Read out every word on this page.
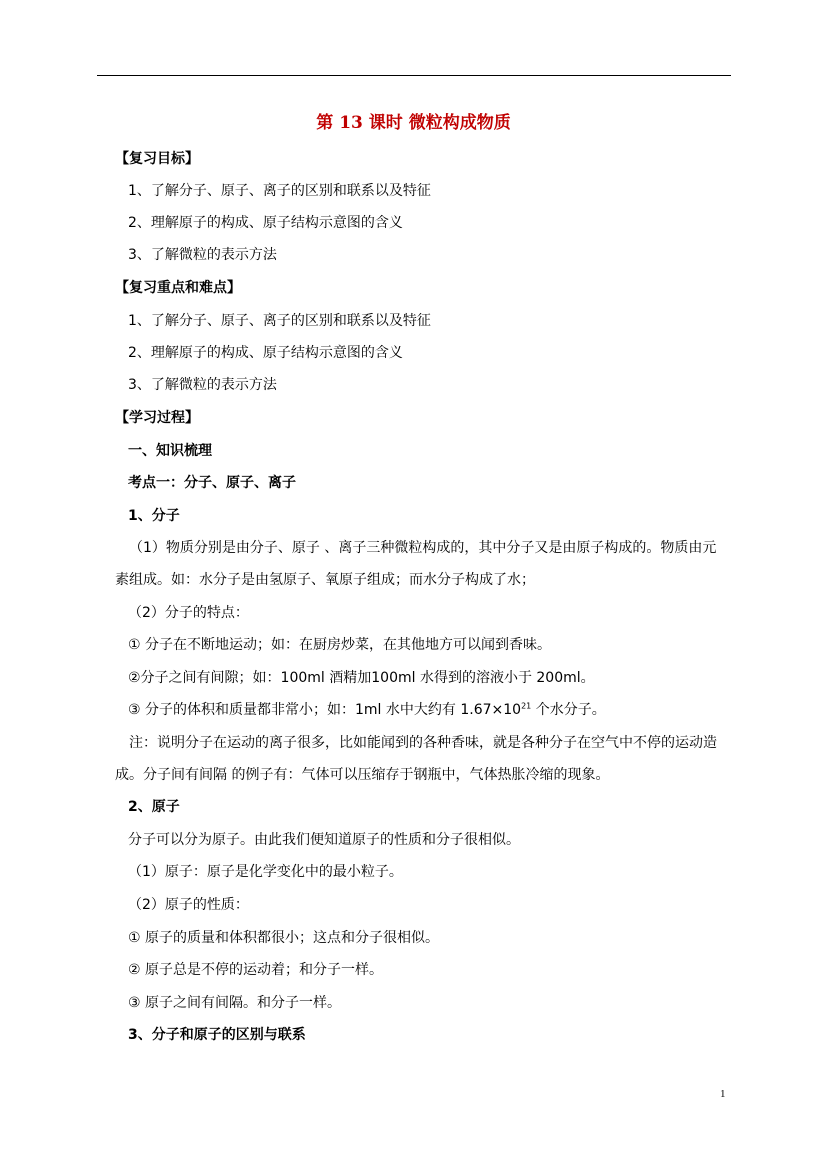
第 13 课时 微粒构成物质
【复习目标】
1、了解分子、原子、离子的区别和联系以及特征
2、理解原子的构成、原子结构示意图的含义
3、了解微粒的表示方法
【复习重点和难点】
1、了解分子、原子、离子的区别和联系以及特征
2、理解原子的构成、原子结构示意图的含义
3、了解微粒的表示方法
【学习过程】
一、知识梳理
考点一：分子、原子、离子
1、分子
（1）物质分别是由分子、原子 、离子三种微粒构成的，其中分子又是由原子构成的。物质由元素组成。如：水分子是由氢原子、氧原子组成；而水分子构成了水；
（2）分子的特点：
① 分子在不断地运动；如：在厨房炒菜，在其他地方可以闻到香味。
②分子之间有间隙；如：100ml 酒精加100ml 水得到的溶液小于 200ml。
③ 分子的体积和质量都非常小；如：1ml 水中大约有 $1.67\times 10^{21}$ 个水分子。
注：说明分子在运动的离子很多，比如能闻到的各种香味，就是各种分子在空气中不停的运动造成。分子间有间隔 的例子有：气体可以压缩存于钢瓶中，气体热胀冷缩的现象。
2、原子
分子可以分为原子。由此我们便知道原子的性质和分子很相似。
（1）原子：原子是化学变化中的最小粒子。
（2）原子的性质：
① 原子的质量和体积都很小；这点和分子很相似。
② 原子总是不停的运动着；和分子一样。
③ 原子之间有间隔。和分子一样。
3、分子和原子的区别与联系
1
